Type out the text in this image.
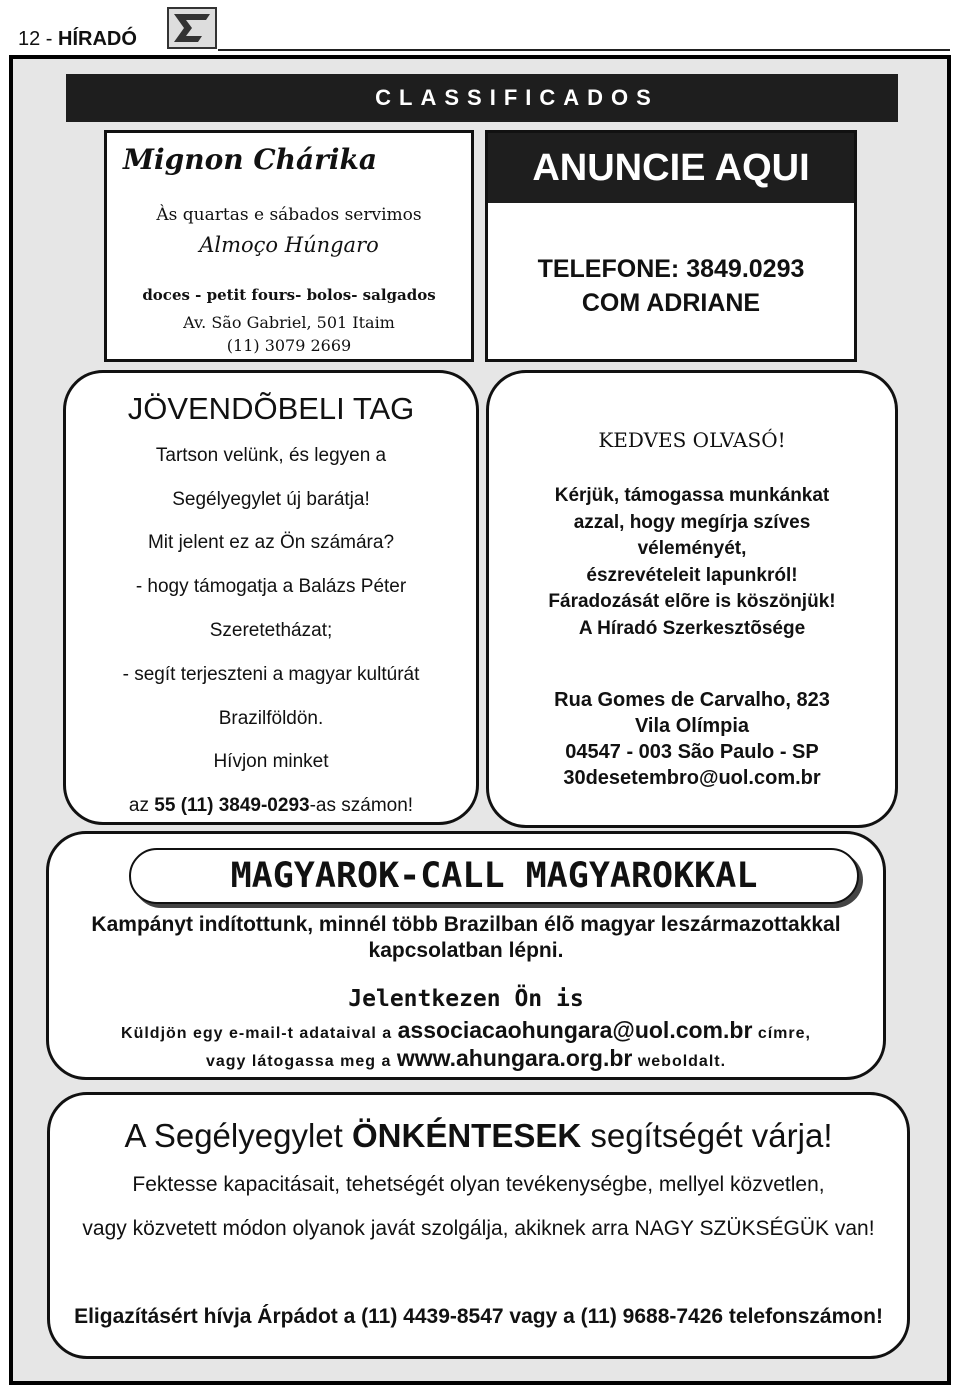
12 - HÍRADÓ
CLASSIFICADOS
Mignon Chárika
Às quartas e sábados servimos
Almoço Húngaro
doces - petit fours- bolos- salgados
Av. São Gabriel, 501 Itaim
(11) 3079 2669
ANUNCIE AQUI
TELEFONE: 3849.0293
COM ADRIANE
JÖVENDÕBELI TAG
Tartson velünk, és legyen a
Segélyegylet új barátja!
Mit jelent ez az Ön számára?
- hogy támogatja a Balázs Péter
Szeretetházat;
- segít terjeszteni a magyar kultúrát
Brazilföldön.
Hívjon minket
az 55 (11) 3849-0293-as számon!
KEDVES OLVASÓ!
Kérjük, támogassa munkánkat
azzal, hogy megírja szíves
véleményét,
észrevételeit lapunkról!
Fáradozását elõre is köszönjük!
A Híradó Szerkesztõsége
Rua Gomes de Carvalho, 823
Vila Olímpia
04547 - 003 São Paulo - SP
30desetembro@uol.com.br
MAGYAROK-CALL MAGYAROKKAL
Kampányt indítottunk, minnél több Brazilban élõ magyar leszármazottakkal
kapcsolatban lépni.
Jelentkezen Ön is
Küldjön egy e-mail-t adataival a associacaohungara@uol.com.br címre,
vagy látogassa meg a www.ahungara.org.br weboldalt.
A Segélyegylet ÖNKÉNTESEK segítségét várja!
Fektesse kapacitásait, tehetségét olyan tevékenységbe, mellyel közvetlen,
vagy közvetett módon olyanok javát szolgálja, akiknek arra NAGY SZÜKSÉGÜK van!
Eligazításért hívja Árpádot a (11) 4439-8547 vagy a (11) 9688-7426 telefonszámon!
